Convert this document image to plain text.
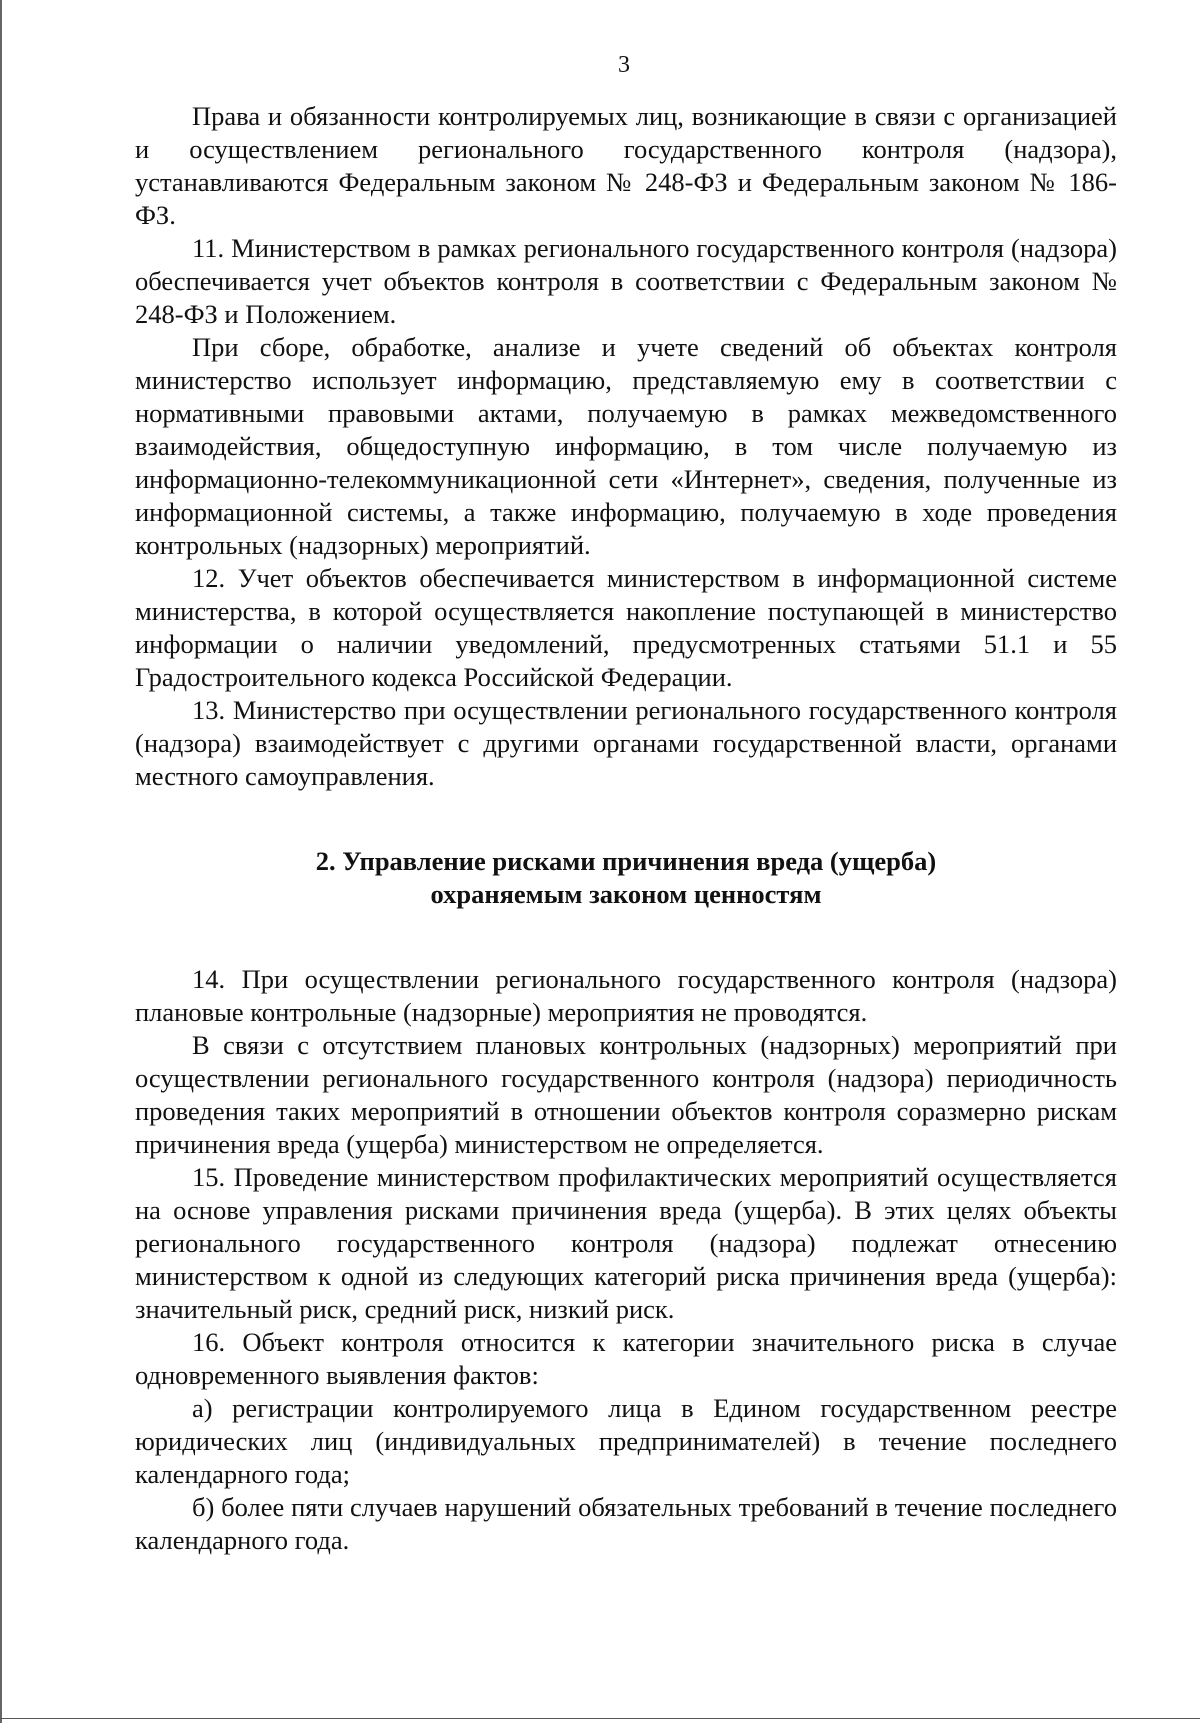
3

Права и обязанности контролируемых лиц, возникающие в связи с организацией и осуществлением регионального государственного контроля (надзора), устанавливаются Федеральным законом № 248-ФЗ и Федеральным законом № 186-ФЗ.

11. Министерством в рамках регионального государственного контроля (надзора) обеспечивается учет объектов контроля в соответствии с Федеральным законом № 248-ФЗ и Положением.

При сборе, обработке, анализе и учете сведений об объектах контроля министерство использует информацию, представляемую ему в соответствии с нормативными правовыми актами, получаемую в рамках межведомственного взаимодействия, общедоступную информацию, в том числе получаемую из информационно-телекоммуникационной сети «Интернет», сведения, полученные из информационной системы, а также информацию, получаемую в ходе проведения контрольных (надзорных) мероприятий.

12. Учет объектов обеспечивается министерством в информационной системе министерства, в которой осуществляется накопление поступающей в министерство информации о наличии уведомлений, предусмотренных статьями 51.1 и 55 Градостроительного кодекса Российской Федерации.

13. Министерство при осуществлении регионального государственного контроля (надзора) взаимодействует с другими органами государственной власти, органами местного самоуправления.

2. Управление рисками причинения вреда (ущерба)
охраняемым законом ценностям

14. При осуществлении регионального государственного контроля (надзора) плановые контрольные (надзорные) мероприятия не проводятся.

В связи с отсутствием плановых контрольных (надзорных) мероприятий при осуществлении регионального государственного контроля (надзора) периодичность проведения таких мероприятий в отношении объектов контроля соразмерно рискам причинения вреда (ущерба) министерством не определяется.

15. Проведение министерством профилактических мероприятий осуществляется на основе управления рисками причинения вреда (ущерба). В этих целях объекты регионального государственного контроля (надзора) подлежат отнесению министерством к одной из следующих категорий риска причинения вреда (ущерба): значительный риск, средний риск, низкий риск.

16. Объект контроля относится к категории значительного риска в случае одновременного выявления фактов:

а) регистрации контролируемого лица в Едином государственном реестре юридических лиц (индивидуальных предпринимателей) в течение последнего календарного года;

б) более пяти случаев нарушений обязательных требований в течение последнего календарного года.
